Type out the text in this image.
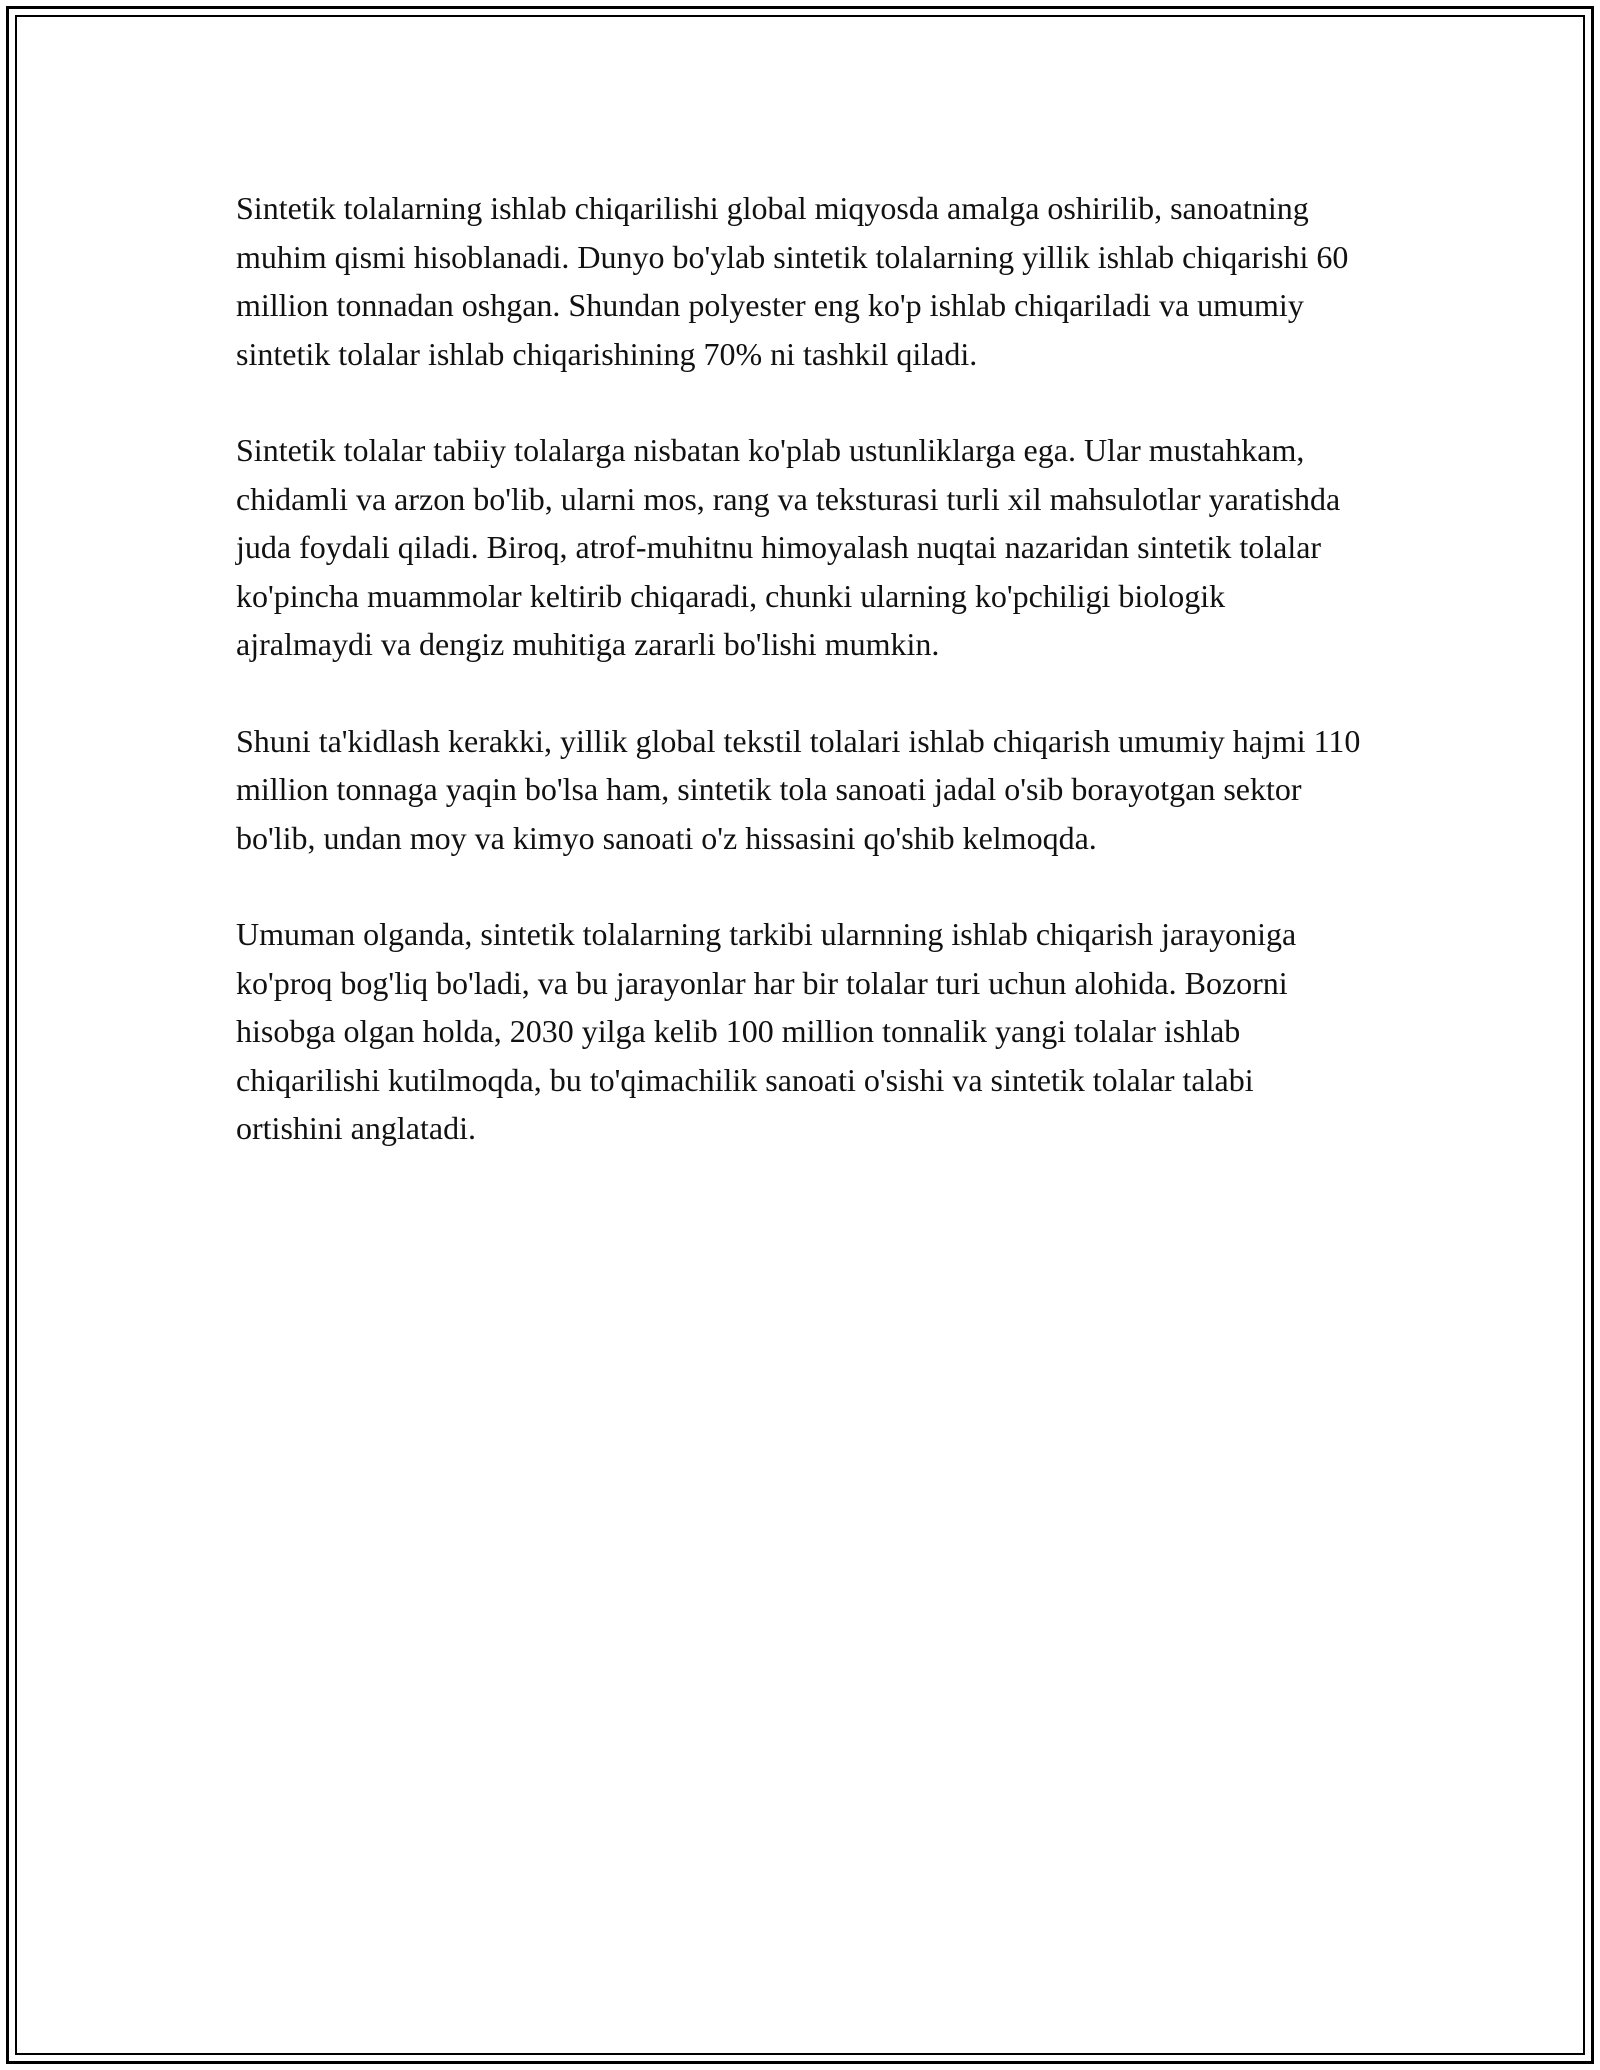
Sintetik tolalarning ishlab chiqarilishi global miqyosda amalga oshirilib, sanoatning muhim qismi hisoblanadi. Dunyo bo'ylab sintetik tolalarning yillik ishlab chiqarishi 60 million tonnadan oshgan. Shundan polyester eng ko'p ishlab chiqariladi va umumiy sintetik tolalar ishlab chiqarishining 70% ni tashkil qiladi.

Sintetik tolalar tabiiy tolalarga nisbatan ko'plab ustunliklarga ega. Ular mustahkam, chidamli va arzon bo'lib, ularni mos, rang va teksturasi turli xil mahsulotlar yaratishda juda foydali qiladi. Biroq, atrof-muhitnu himoyalash nuqtai nazaridan sintetik tolalar ko'pincha muammolar keltirib chiqaradi, chunki ularning ko'pchiligi biologik ajralmaydi va dengiz muhitiga zararli bo'lishi mumkin.

Shuni ta'kidlash kerakki, yillik global tekstil tolalari ishlab chiqarish umumiy hajmi 110 million tonnaga yaqin bo'lsa ham, sintetik tola sanoati jadal o'sib borayotgan sektor bo'lib, undan moy va kimyo sanoati o'z hissasini qo'shib kelmoqda.

Umuman olganda, sintetik tolalarning tarkibi ularnning ishlab chiqarish jarayoniga ko'proq bog'liq bo'ladi, va bu jarayonlar har bir tolalar turi uchun alohida. Bozorni hisobga olgan holda, 2030 yilga kelib 100 million tonnalik yangi tolalar ishlab chiqarilishi kutilmoqda, bu to'qimachilik sanoati o'sishi va sintetik tolalar talabi ortishini anglatadi.
